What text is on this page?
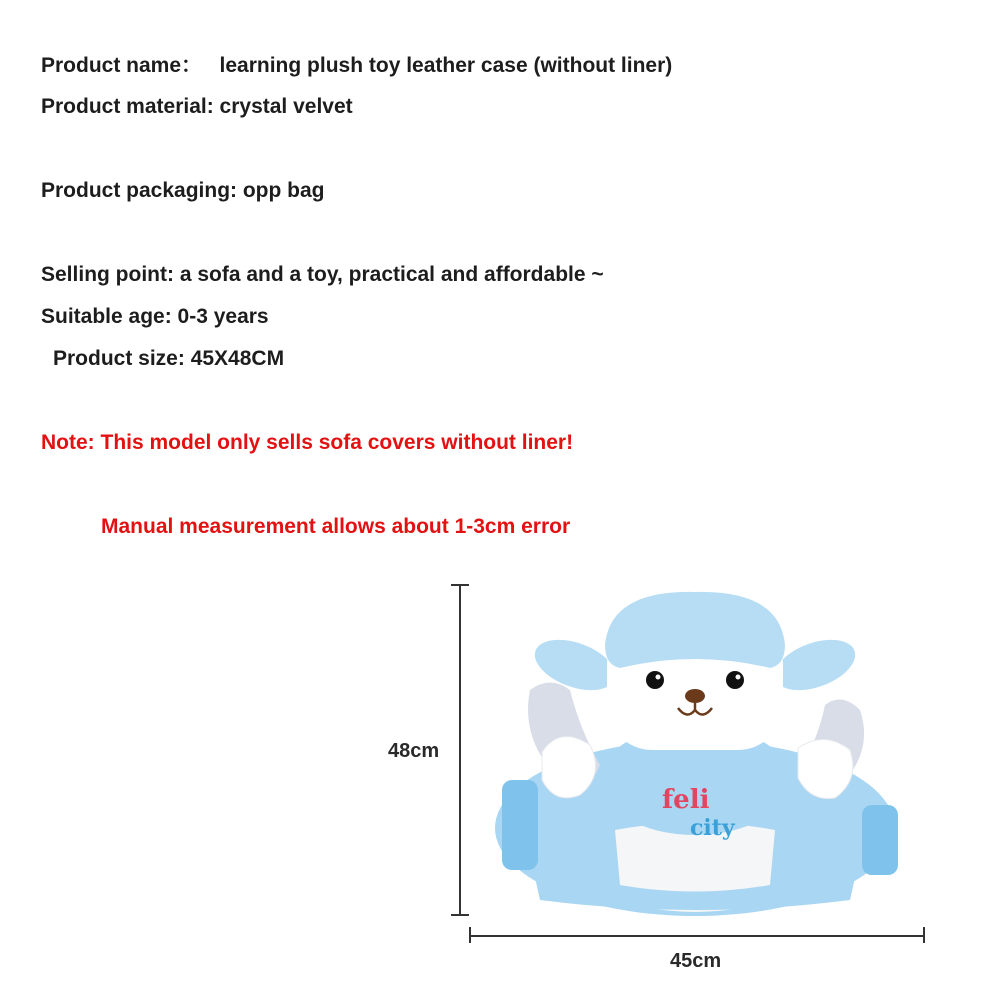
Product name：   learning plush toy leather case (without liner)
Product material: crystal velvet
Product packaging: opp bag
Selling point: a sofa and a toy, practical and affordable ~
Suitable age: 0-3 years
Product size: 45X48CM
Note: This model only sells sofa covers without liner!
Manual measurement allows about 1-3cm error
48cm
45cm
feli
city
